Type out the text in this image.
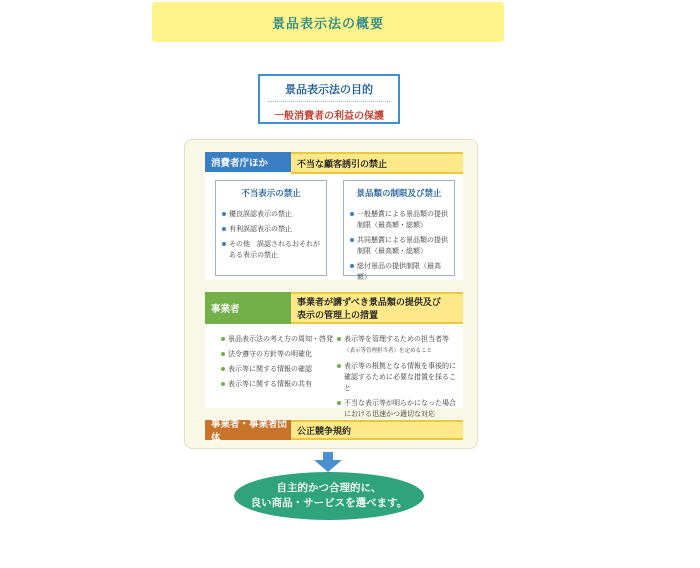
景品表示法の概要
景品表示法の目的
一般消費者の利益の保護
消費者庁ほか	不当な顧客誘引の禁止
不当表示の禁止
優良誤認表示の禁止
有利誤認表示の禁止
その他　誤認されるおそれがある表示の禁止
景品類の制限及び禁止
一般懸賞による景品類の提供制限（最高額・総額）
共同懸賞による景品類の提供制限（最高額・総額）
総付景品の提供制限（最高額）
事業者
事業者が講ずべき景品類の提供及び
表示の管理上の措置
景品表示法の考え方の周知・啓発
法令遵守の方針等の明確化
表示等に関する情報の確認
表示等に関する情報の共有
表示等を管理するための担当者等（表示等管理担当者）を定めること
表示等の根拠となる情報を事後的に確認するために必要な措置を採ること
不当な表示等が明らかになった場合における迅速かつ適切な対応
事業者・事業者団体
公正競争規約
自主的かつ合理的に、
良い商品・サービスを選べます。
